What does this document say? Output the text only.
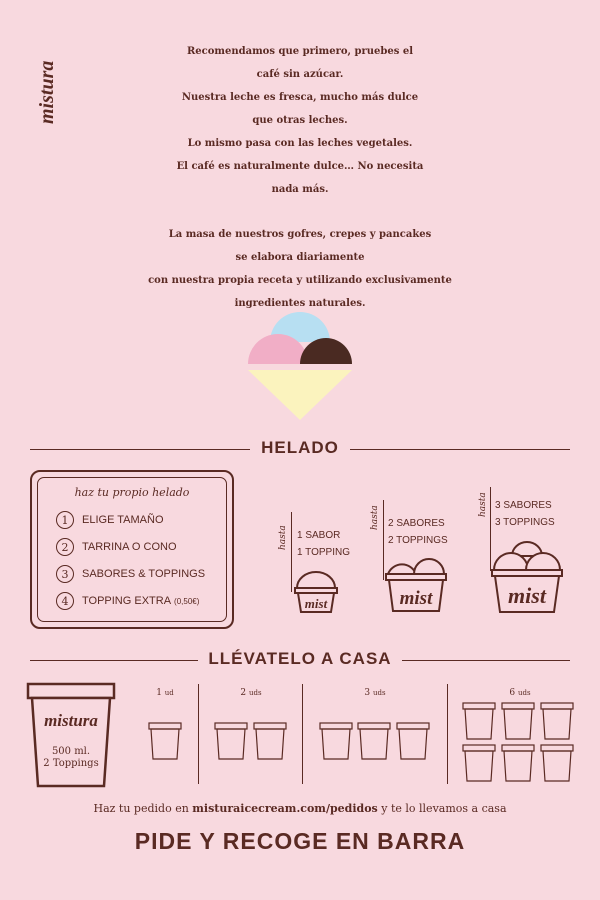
mistura

Recomendamos que primero, pruebes el

café sin azúcar.

Nuestra leche es fresca, mucho más dulce

que otras leches.

Lo mismo pasa con las leches vegetales.

El café es naturalmente dulce… No necesita

nada más.

La masa de nuestros gofres, crepes y pancakes

se elabora diariamente

con nuestra propia receta y utilizando exclusivamente

ingredientes naturales.

HELADO
haz tu propio helado
1	ELIGE TAMAÑO
2	TARRINA O CONO
3	SABORES & TOPPINGS
4	TOPPING EXTRA (0,50€)
hasta 1 SABOR
1 TOPPING
mist
hasta 2 SABORES
2 TOPPINGS
mist
hasta 3 SABORES
3 TOPPINGS
mist
LLÉVATELO A CASA
mistura
500 ml.
2 Toppings
1 ud	2 uds	3 uds	6 uds
Haz tu pedido en misturaicecream.com/pedidos y te lo llevamos a casa
PIDE Y RECOGE EN BARRA
